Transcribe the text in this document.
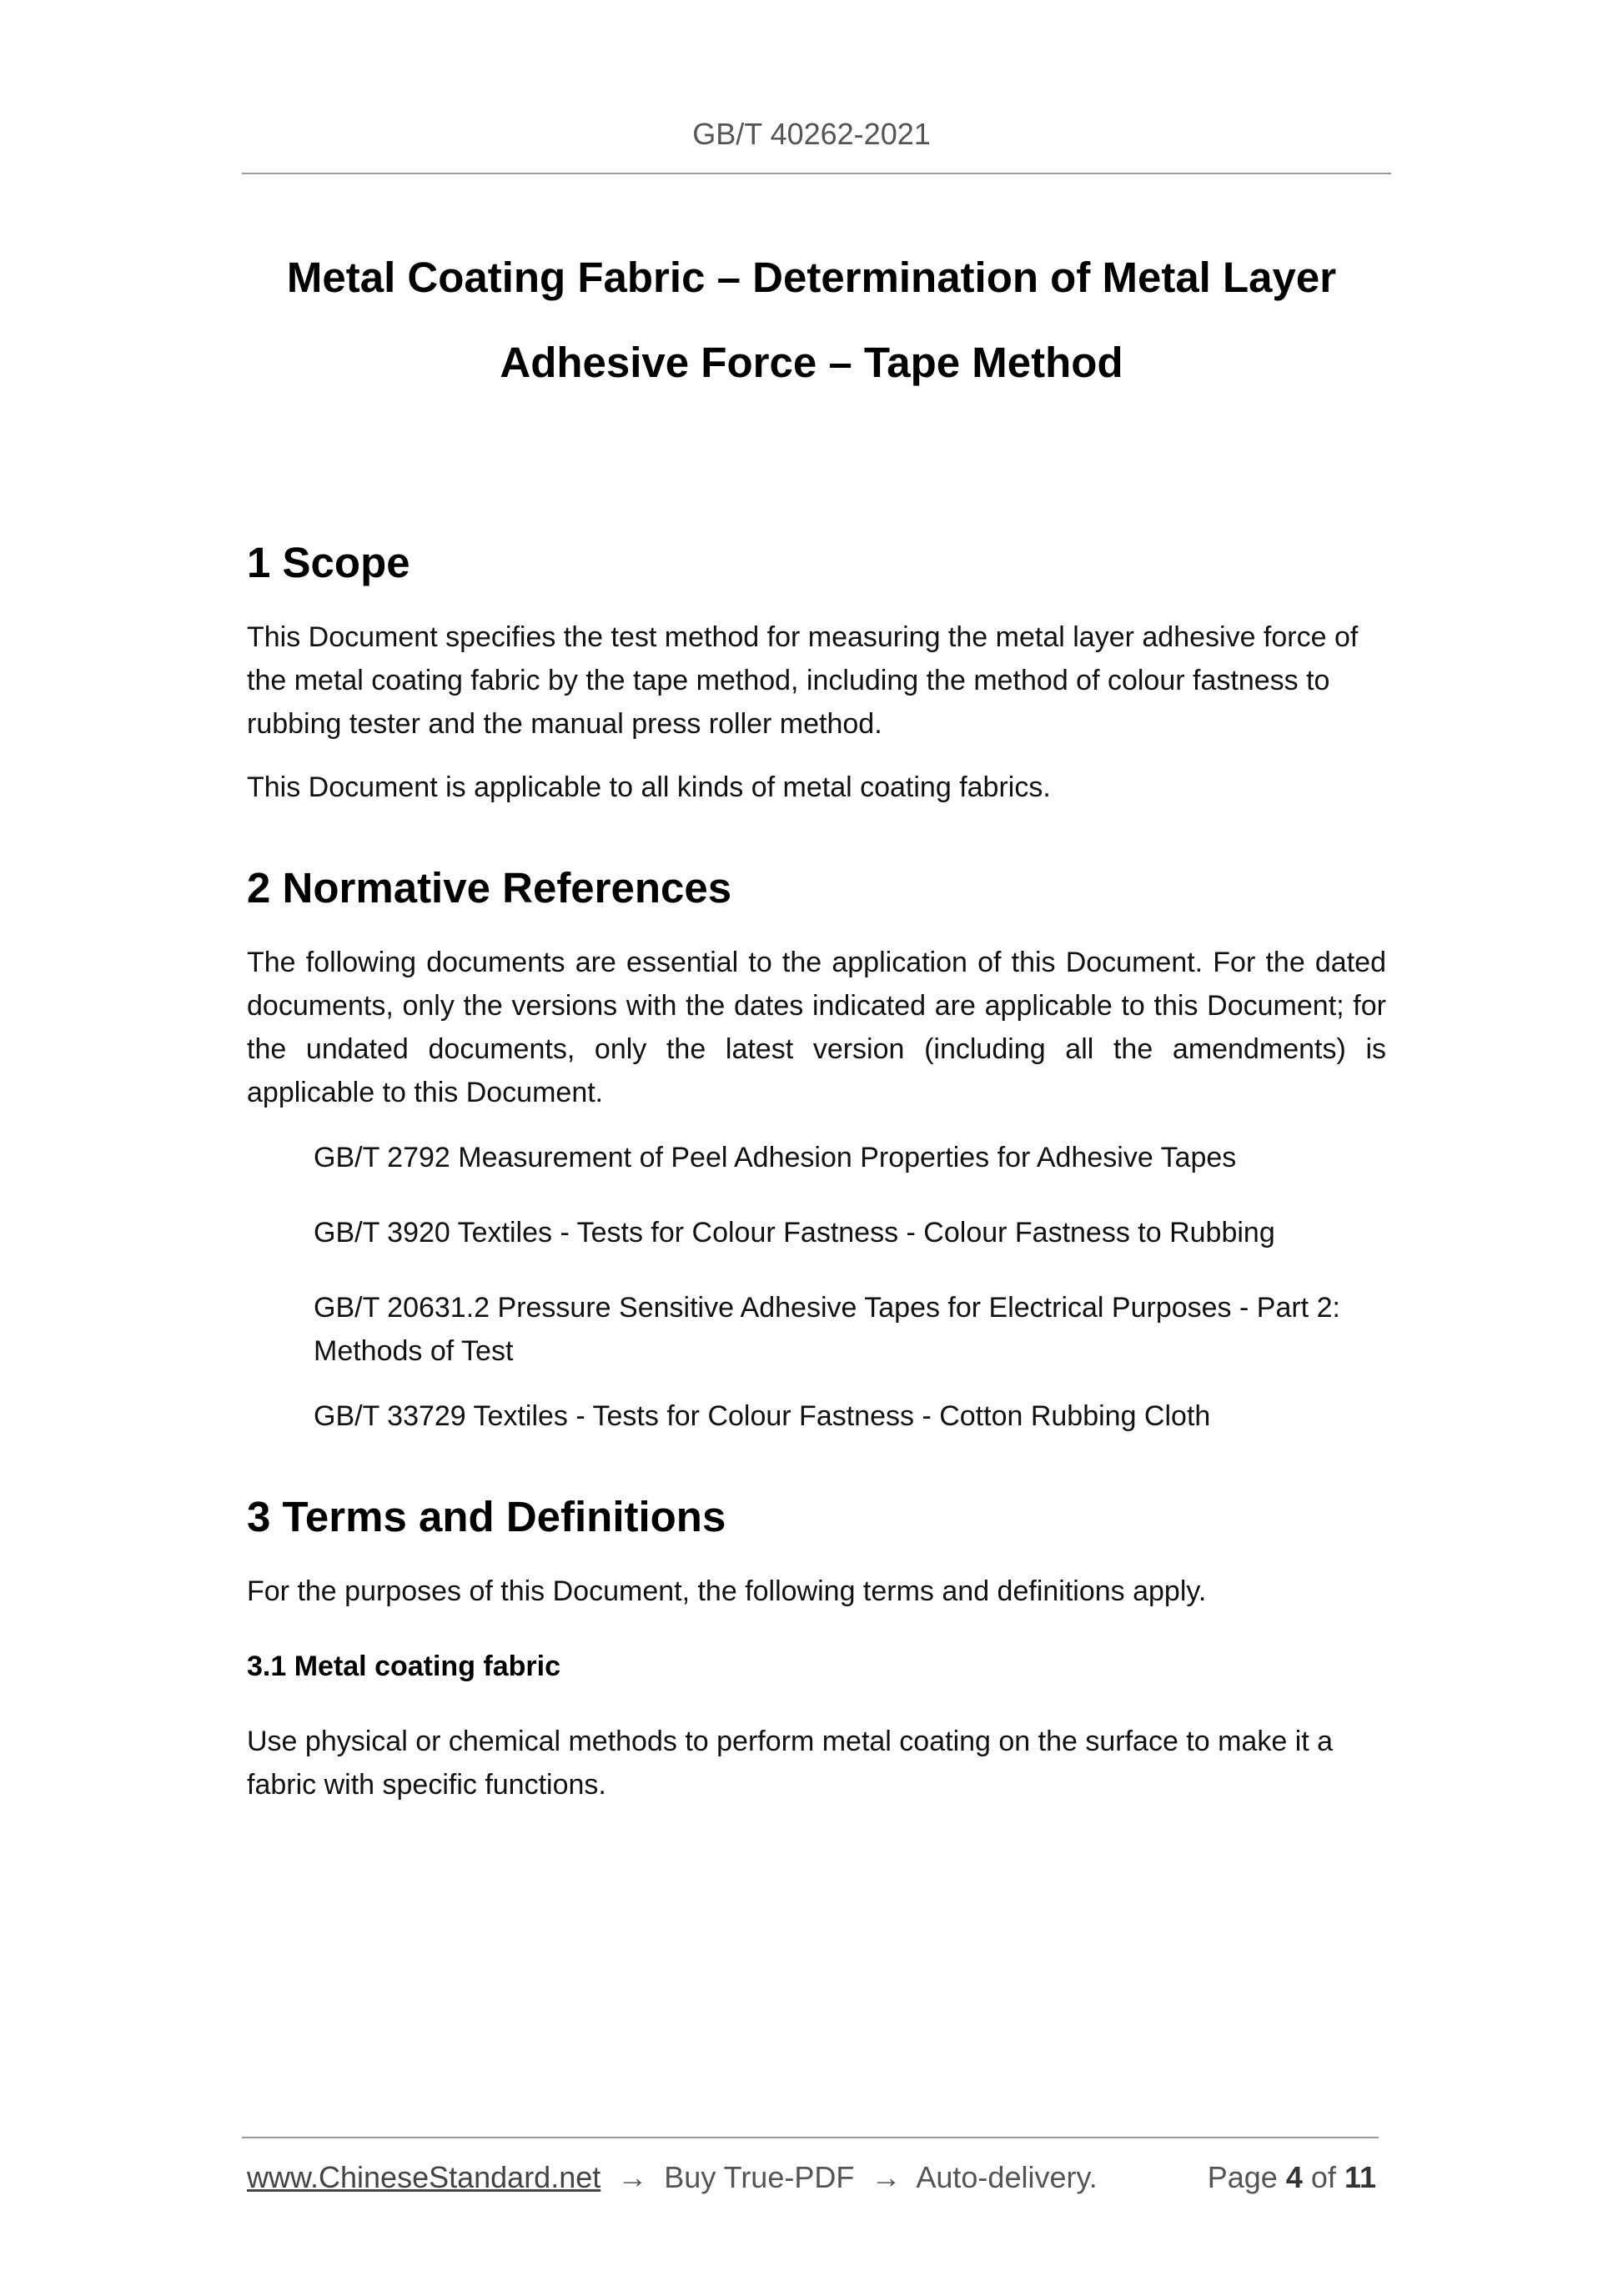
GB/T 40262-2021
Metal Coating Fabric – Determination of Metal Layer
Adhesive Force – Tape Method
1 Scope

This Document specifies the test method for measuring the metal layer adhesive force of the metal coating fabric by the tape method, including the method of colour fastness to rubbing tester and the manual press roller method.

This Document is applicable to all kinds of metal coating fabrics.

2 Normative References

The following documents are essential to the application of this Document. For the dated documents, only the versions with the dates indicated are applicable to this Document; for the undated documents, only the latest version (including all the amendments) is applicable to this Document.

GB/T 2792 Measurement of Peel Adhesion Properties for Adhesive Tapes

GB/T 3920 Textiles - Tests for Colour Fastness - Colour Fastness to Rubbing

GB/T 20631.2 Pressure Sensitive Adhesive Tapes for Electrical Purposes - Part 2: Methods of Test

GB/T 33729 Textiles - Tests for Colour Fastness - Cotton Rubbing Cloth

3 Terms and Definitions

For the purposes of this Document, the following terms and definitions apply.

3.1 Metal coating fabric

Use physical or chemical methods to perform metal coating on the surface to make it a fabric with specific functions.

www.ChineseStandard.net → Buy True-PDF → Auto-delivery.	Page 4 of 11
